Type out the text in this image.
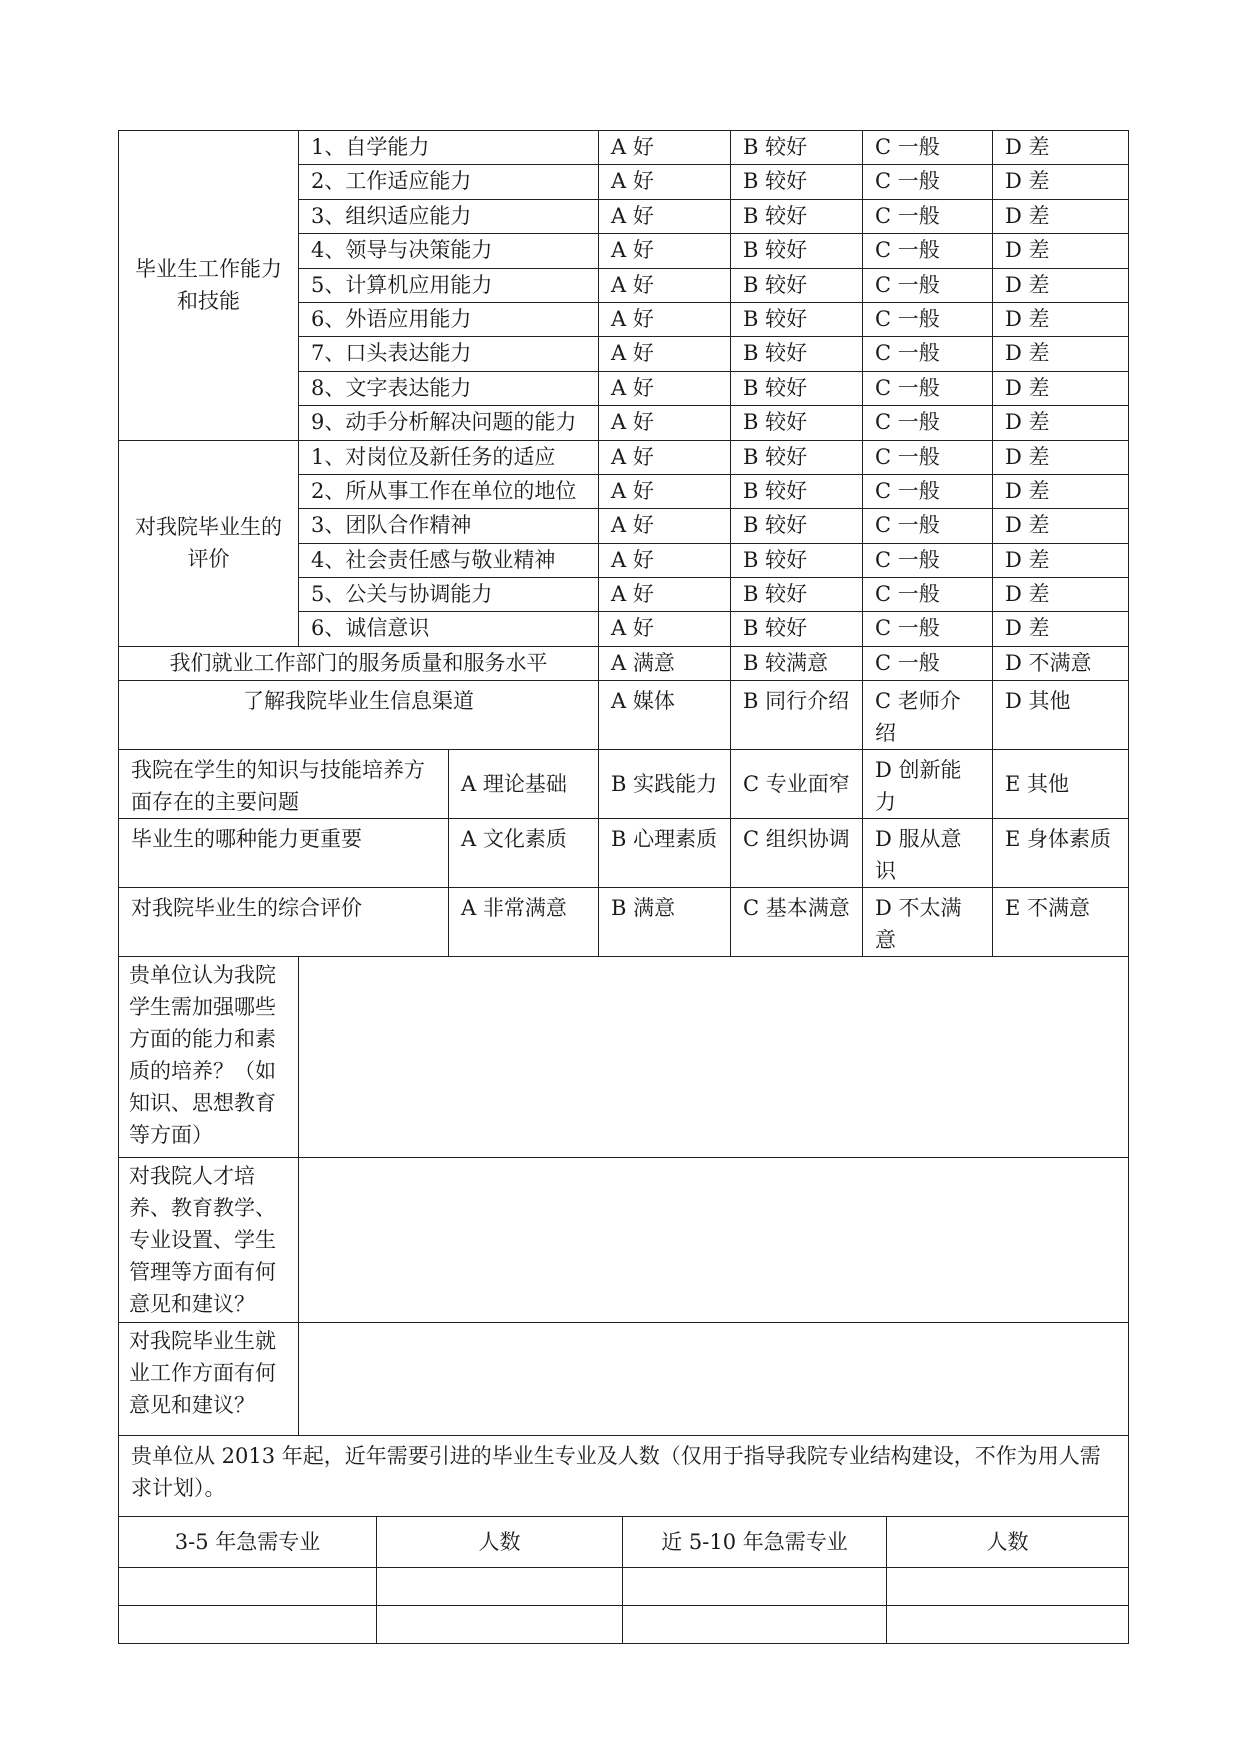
毕业生工作能力和技能	1、自学能力	A 好	B 较好	C 一般	D 差
	2、工作适应能力	A 好	B 较好	C 一般	D 差
	3、组织适应能力	A 好	B 较好	C 一般	D 差
	4、领导与决策能力	A 好	B 较好	C 一般	D 差
	5、计算机应用能力	A 好	B 较好	C 一般	D 差
	6、外语应用能力	A 好	B 较好	C 一般	D 差
	7、口头表达能力	A 好	B 较好	C 一般	D 差
	8、文字表达能力	A 好	B 较好	C 一般	D 差
	9、动手分析解决问题的能力	A 好	B 较好	C 一般	D 差
对我院毕业生的评价	1、对岗位及新任务的适应	A 好	B 较好	C 一般	D 差
	2、所从事工作在单位的地位	A 好	B 较好	C 一般	D 差
	3、团队合作精神	A 好	B 较好	C 一般	D 差
	4、社会责任感与敬业精神	A 好	B 较好	C 一般	D 差
	5、公关与协调能力	A 好	B 较好	C 一般	D 差
	6、诚信意识	A 好	B 较好	C 一般	D 差
我们就业工作部门的服务质量和服务水平		A 满意	B 较满意	C 一般	D 不满意
了解我院毕业生信息渠道		A 媒体	B 同行介绍	C 老师介绍	D 其他
我院在学生的知识与技能培养方面存在的主要问题	A 理论基础	B 实践能力	C 专业面窄	D 创新能力	E 其他
毕业生的哪种能力更重要	A 文化素质	B 心理素质	C 组织协调	D 服从意识	E 身体素质
对我院毕业生的综合评价	A 非常满意	B 满意	C 基本满意	D 不太满意	E 不满意
贵单位认为我院学生需加强哪些方面的能力和素质的培养？（如知识、思想教育等方面）	
对我院人才培养、教育教学、专业设置、学生管理等方面有何意见和建议？	
对我院毕业生就业工作方面有何意见和建议？	
贵单位从 2013 年起，近年需要引进的毕业生专业及人数（仅用于指导我院专业结构建设，不作为用人需求计划）。			
3-5 年急需专业	人数	近 5-10 年急需专业	人数
